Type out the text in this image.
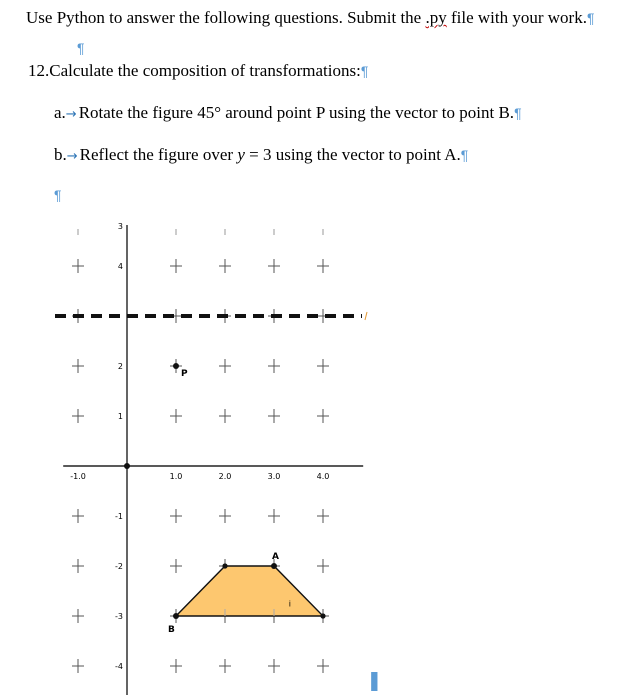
Use Python to answer the following questions. Submit the .py file with your work.¶
¶
12.Calculate the composition of transformations:¶
a.→ Rotate the figure 45° around point P using the vector to point B.¶
b.→ Reflect the figure over y = 3 using the vector to point A.¶
¶
-1.0	1.0	2.0	3.0	4.0
3
4
2
1
-1
-2
-3
-4
i
P
A
B
▐
